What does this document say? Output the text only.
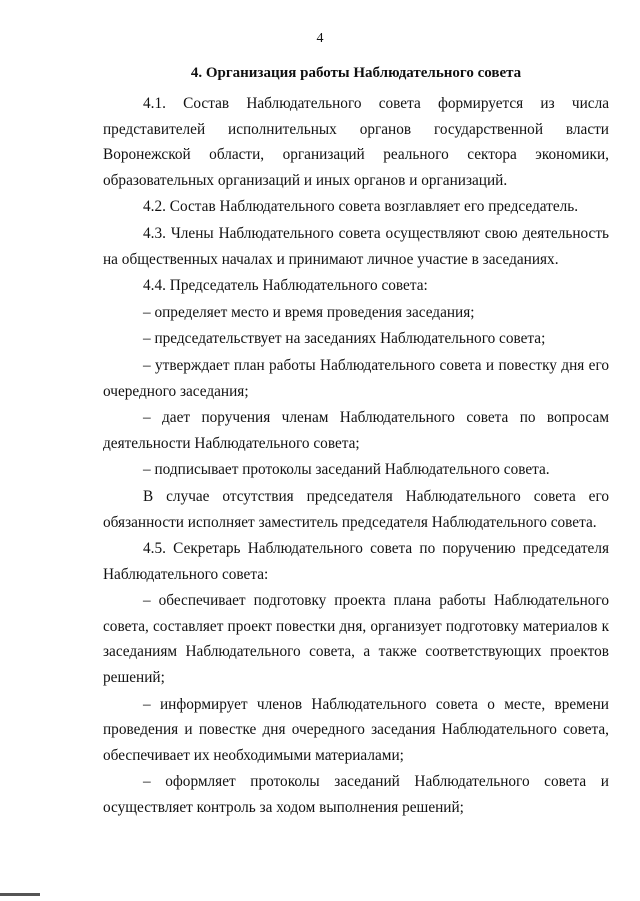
4
4. Организация работы Наблюдательного совета

4.1. Состав Наблюдательного совета формируется из числа представителей исполнительных органов государственной власти Воронежской области, организаций реального сектора экономики, образовательных организаций и иных органов и организаций.

4.2. Состав Наблюдательного совета возглавляет его председатель.

4.3. Члены Наблюдательного совета осуществляют свою деятельность на общественных началах и принимают личное участие в заседаниях.

4.4. Председатель Наблюдательного совета:

– определяет место и время проведения заседания;

– председательствует на заседаниях Наблюдательного совета;

– утверждает план работы Наблюдательного совета и повестку дня его очередного заседания;

– дает поручения членам Наблюдательного совета по вопросам деятельности Наблюдательного совета;

– подписывает протоколы заседаний Наблюдательного совета.

В случае отсутствия председателя Наблюдательного совета его обязанности исполняет заместитель председателя Наблюдательного совета.

4.5. Секретарь Наблюдательного совета по поручению председателя Наблюдательного совета:

– обеспечивает подготовку проекта плана работы Наблюдательного совета, составляет проект повестки дня, организует подготовку материалов к заседаниям Наблюдательного совета, а также соответствующих проектов решений;

– информирует членов Наблюдательного совета о месте, времени проведения и повестке дня очередного заседания Наблюдательного совета, обеспечивает их необходимыми материалами;

– оформляет протоколы заседаний Наблюдательного совета и осуществляет контроль за ходом выполнения решений;
